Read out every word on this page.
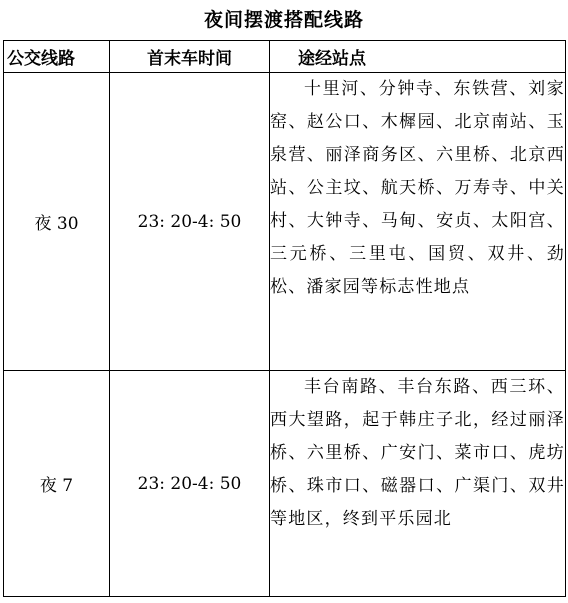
夜间摆渡搭配线路
公交线路	首末车时间	途经站点
夜 30	23: 20-4: 50	十里河、分钟寺、东铁营、刘家窑、赵公口、木樨园、北京南站、玉泉营、丽泽商务区、六里桥、北京西站、公主坟、航天桥、万寿寺、中关村、大钟寺、马甸、安贞、太阳宫、三元桥、三里屯、国贸、双井、劲松、潘家园等标志性地点
夜 7	23: 20-4: 50	丰台南路、丰台东路、西三环、西大望路，起于韩庄子北，经过丽泽桥、六里桥、广安门、菜市口、虎坊桥、珠市口、磁器口、广渠门、双井等地区，终到平乐园北
